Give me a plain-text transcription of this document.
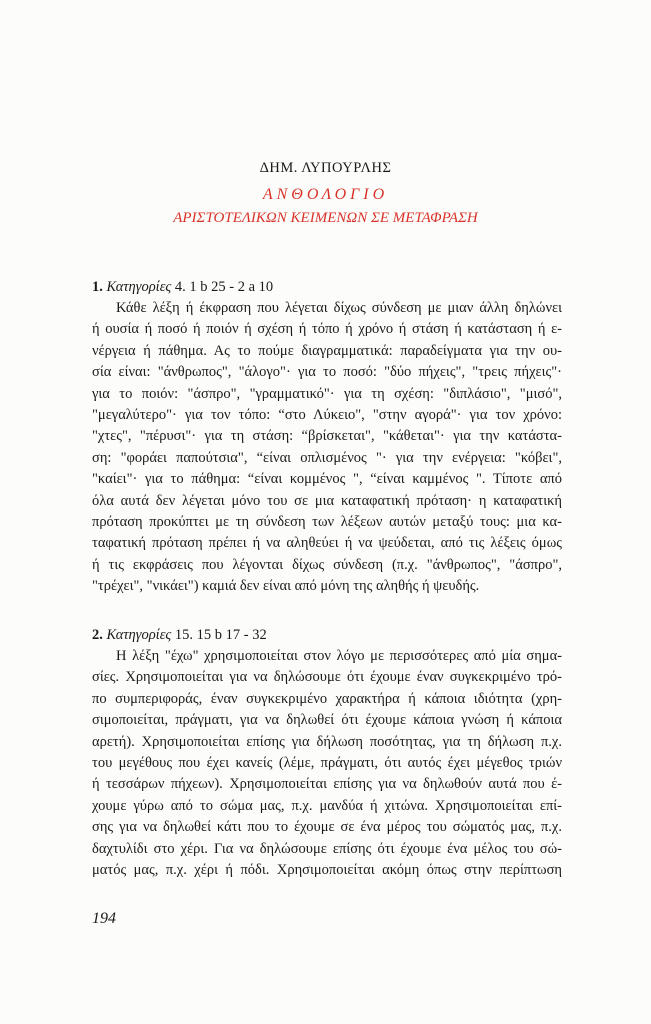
ΔΗΜ. ΛΥΠΟΥΡΛΗΣ
ΑΝΘΟΛΟΓΙΟ
ΑΡΙΣΤΟΤΕΛΙΚΩΝ ΚΕΙΜΕΝΩΝ ΣΕ ΜΕΤΑΦΡΑΣΗ
1. Κατηγορίες 4. 1 b 25 - 2 a 10
Κάθε λέξη ή έκφραση που λέγεται δίχως σύνδεση με μιαν άλλη δηλώνει
ή ουσία ή ποσό ή ποιόν ή σχέση ή τόπο ή χρόνο ή στάση ή κατάσταση ή ε-
νέργεια ή πάθημα. Ας το πούμε διαγραμματικά: παραδείγματα για την ου-
σία είναι: "άνθρωπος", "άλογο"· για το ποσό: "δύο πήχεις", "τρεις πήχεις"·
για το ποιόν: "άσπρο", "γραμματικό"· για τη σχέση: "διπλάσιο", "μισό",
"μεγαλύτερο"· για τον τόπο: “στο Λύκειο", "στην αγορά"· για τον χρόνο:
"χτες", "πέρυσι"· για τη στάση: “βρίσκεται", "κάθεται"· για την κατάστα-
ση: "φοράει παπούτσια", “είναι οπλισμένος "· για την ενέργεια: "κόβει",
"καίει"· για το πάθημα: “είναι κομμένος ", “είναι καμμένος ". Τίποτε από
όλα αυτά δεν λέγεται μόνο του σε μια καταφατική πρόταση· η καταφατική
πρόταση προκύπτει με τη σύνδεση των λέξεων αυτών μεταξύ τους: μια κα-
ταφατική πρόταση πρέπει ή να αληθεύει ή να ψεύδεται, από τις λέξεις όμως
ή τις εκφράσεις που λέγονται δίχως σύνδεση (π.χ. "άνθρωπος", "άσπρο",
"τρέχει", "νικάει") καμιά δεν είναι από μόνη της αληθής ή ψευδής.
2. Κατηγορίες 15. 15 b 17 - 32
Η λέξη "έχω" χρησιμοποιείται στον λόγο με περισσότερες από μία σημα-
σίες. Χρησιμοποιείται για να δηλώσουμε ότι έχουμε έναν συγκεκριμένο τρό-
πο συμπεριφοράς, έναν συγκεκριμένο χαρακτήρα ή κάποια ιδιότητα (χρη-
σιμοποιείται, πράγματι, για να δηλωθεί ότι έχουμε κάποια γνώση ή κάποια
αρετή). Χρησιμοποιείται επίσης για δήλωση ποσότητας, για τη δήλωση π.χ.
του μεγέθους που έχει κανείς (λέμε, πράγματι, ότι αυτός έχει μέγεθος τριών
ή τεσσάρων πήχεων). Χρησιμοποιείται επίσης για να δηλωθούν αυτά που έ-
χουμε γύρω από το σώμα μας, π.χ. μανδύα ή χιτώνα. Χρησιμοποιείται επί-
σης για να δηλωθεί κάτι που το έχουμε σε ένα μέρος του σώματός μας, π.χ.
δαχτυλίδι στο χέρι. Για να δηλώσουμε επίσης ότι έχουμε ένα μέλος του σώ-
ματός μας, π.χ. χέρι ή πόδι. Χρησιμοποιείται ακόμη όπως στην περίπτωση
194
